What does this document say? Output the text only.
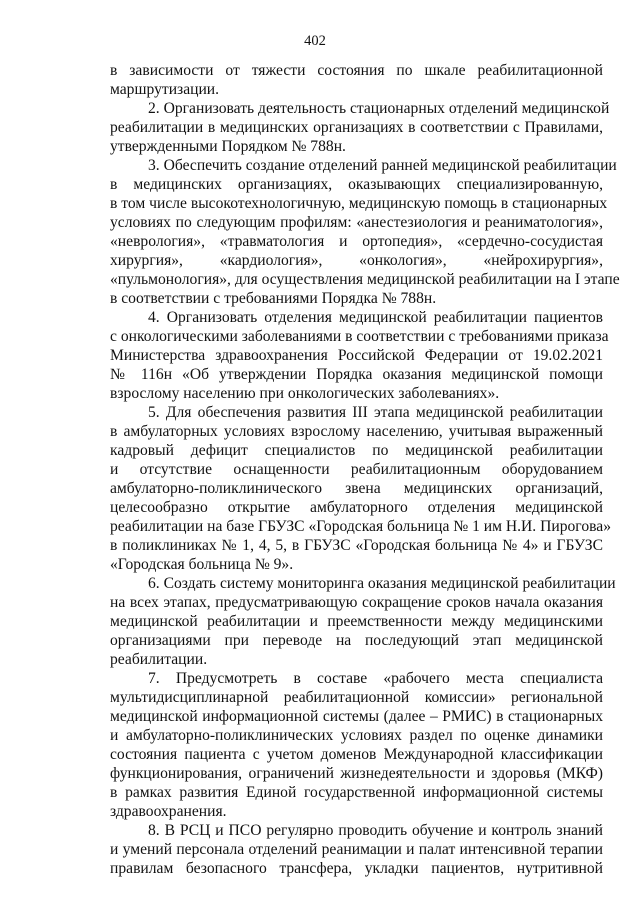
402
в зависимости от тяжести состояния по шкале реабилитационной
маршрутизации.
2. Организовать деятельность стационарных отделений медицинской
реабилитации в медицинских организациях в соответствии с Правилами,
утвержденными Порядком № 788н.
3. Обеспечить создание отделений ранней медицинской реабилитации
в медицинских организациях, оказывающих специализированную,
в том числе высокотехнологичную, медицинскую помощь в стационарных
условиях по следующим профилям: «анестезиология и реаниматология»,
«неврология», «травматология и ортопедия», «сердечно-сосудистая
хирургия», «кардиология», «онкология», «нейрохирургия»,
«пульмонология», для осуществления медицинской реабилитации на I этапе
в соответствии с требованиями Порядка № 788н.
4. Организовать отделения медицинской реабилитации пациентов
с онкологическими заболеваниями в соответствии с требованиями приказа
Министерства здравоохранения Российской Федерации от 19.02.2021
№ 116н «Об утверждении Порядка оказания медицинской помощи
взрослому населению при онкологических заболеваниях».
5. Для обеспечения развития III этапа медицинской реабилитации
в амбулаторных условиях взрослому населению, учитывая выраженный
кадровый дефицит специалистов по медицинской реабилитации
и отсутствие оснащенности реабилитационным оборудованием
амбулаторно-поликлинического звена медицинских организаций,
целесообразно открытие амбулаторного отделения медицинской
реабилитации на базе ГБУЗС «Городская больница № 1 им Н.И. Пирогова»
в поликлиниках № 1, 4, 5, в ГБУЗС «Городская больница № 4» и ГБУЗС
«Городская больница № 9».
6. Создать систему мониторинга оказания медицинской реабилитации
на всех этапах, предусматривающую сокращение сроков начала оказания
медицинской реабилитации и преемственности между медицинскими
организациями при переводе на последующий этап медицинской
реабилитации.
7. Предусмотреть в составе «рабочего места специалиста
мультидисциплинарной реабилитационной комиссии» региональной
медицинской информационной системы (далее – РМИС) в стационарных
и амбулаторно-поликлинических условиях раздел по оценке динамики
состояния пациента с учетом доменов Международной классификации
функционирования, ограничений жизнедеятельности и здоровья (МКФ)
в рамках развития Единой государственной информационной системы
здравоохранения.
8. В РСЦ и ПСО регулярно проводить обучение и контроль знаний
и умений персонала отделений реанимации и палат интенсивной терапии
правилам безопасного трансфера, укладки пациентов, нутритивной
